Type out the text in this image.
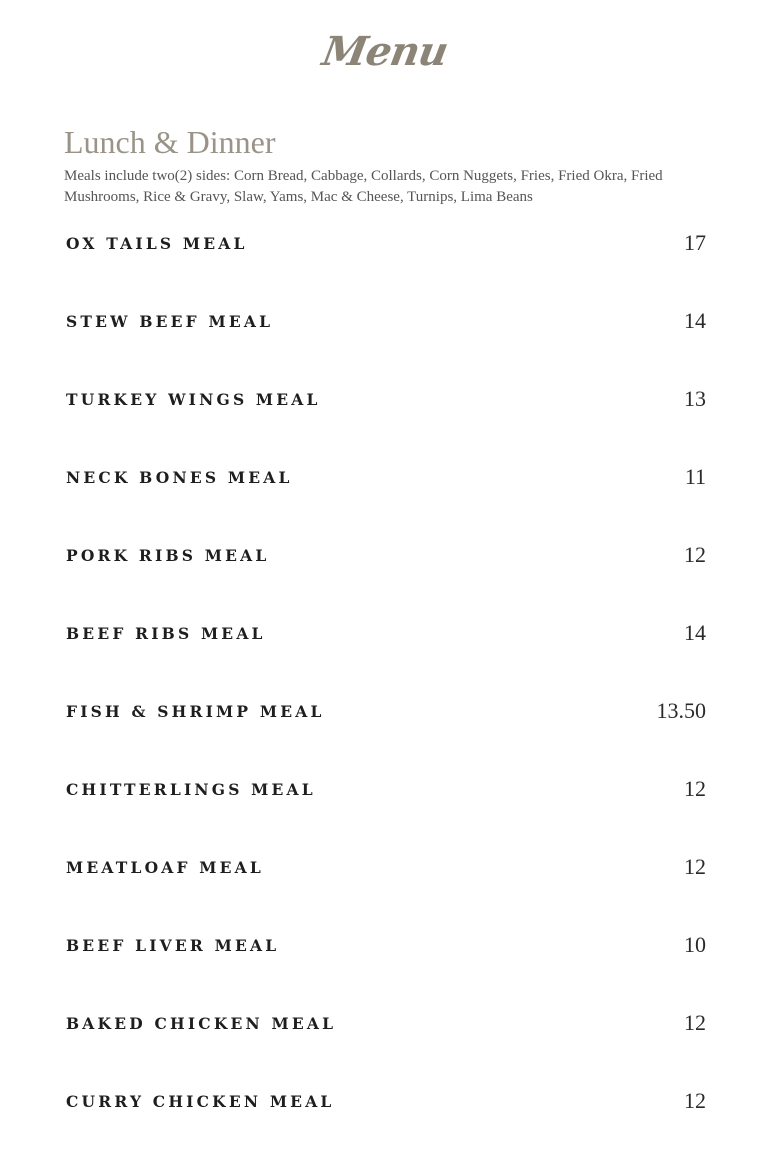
Menu
Lunch & Dinner

Meals include two(2) sides: Corn Bread, Cabbage, Collards, Corn Nuggets, Fries, Fried Okra, Fried Mushrooms, Rice & Gravy, Slaw, Yams, Mac & Cheese, Turnips, Lima Beans

OX TAILS MEAL	17
STEW BEEF MEAL	14
TURKEY WINGS MEAL	13
NECK BONES MEAL	11
PORK RIBS MEAL	12
BEEF RIBS MEAL	14
FISH & SHRIMP MEAL	13.50
CHITTERLINGS MEAL	12
MEATLOAF MEAL	12
BEEF LIVER MEAL	10
BAKED CHICKEN MEAL	12
CURRY CHICKEN MEAL	12
